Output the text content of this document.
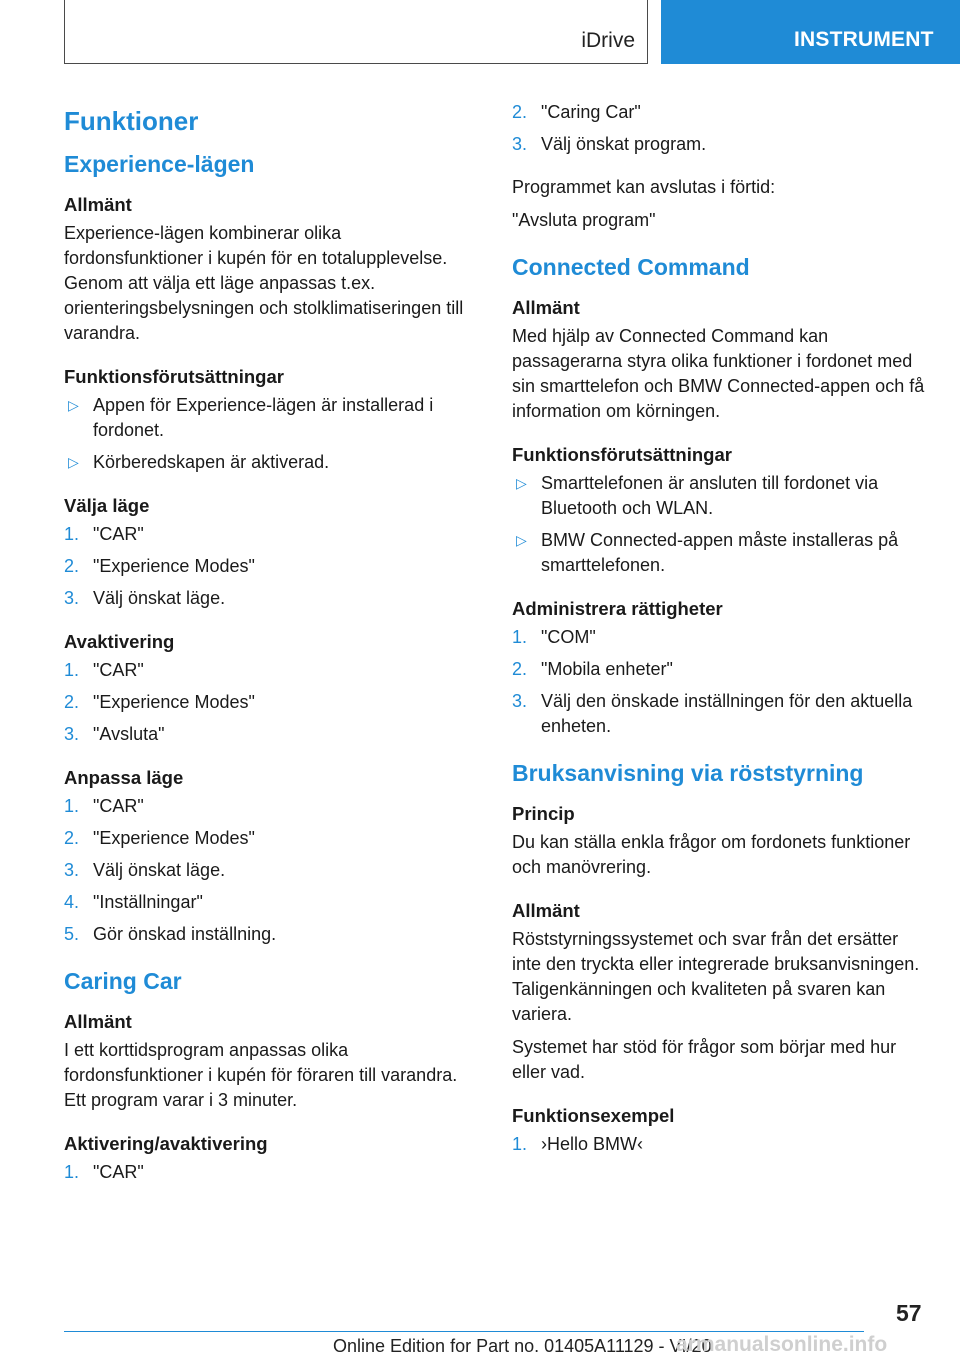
iDrive	INSTRUMENT
Funktioner
Experience-lägen
Allmänt

Experience-lägen kombinerar olika fordonsfunktioner i kupén för en totalupplevelse. Genom att välja ett läge anpassas t.ex. orienteringsbelysningen och stolklimatiseringen till varandra.

Funktionsförutsättningar
▷ Appen för Experience-lägen är installerad i fordonet.
▷ Körberedskapen är aktiverad.
Välja läge
1. "CAR"
2. "Experience Modes"
3. Välj önskat läge.
Avaktivering
1. "CAR"
2. "Experience Modes"
3. "Avsluta"
Anpassa läge
1. "CAR"
2. "Experience Modes"
3. Välj önskat läge.
4. "Inställningar"
5. Gör önskad inställning.
Caring Car
Allmänt

I ett korttidsprogram anpassas olika fordonsfunktioner i kupén för föraren till varandra. Ett program varar i 3 minuter.

Aktivering/avaktivering
1. "CAR"
2. "Caring Car"
3. Välj önskat program.

Programmet kan avslutas i förtid:

"Avsluta program"

Connected Command
Allmänt

Med hjälp av Connected Command kan passagerarna styra olika funktioner i fordonet med sin smarttelefon och BMW Connected-appen och få information om körningen.

Funktionsförutsättningar
▷ Smarttelefonen är ansluten till fordonet via Bluetooth och WLAN.
▷ BMW Connected-appen måste installeras på smarttelefonen.
Administrera rättigheter
1. "COM"
2. "Mobila enheter"
3. Välj den önskade inställningen för den aktuella enheten.
Bruksanvisning via röststyrning
Princip

Du kan ställa enkla frågor om fordonets funktioner och manövrering.

Allmänt

Röststyrningssystemet och svar från det ersätter inte den tryckta eller integrerade bruksanvisningen. Taligenkänningen och kvaliteten på svaren kan variera.

Systemet har stöd för frågor som börjar med hur eller vad.

Funktionsexempel
1. ›Hello BMW‹
57
Online Edition for Part no. 01405A11129 - VI/20
armanualsonline.info
